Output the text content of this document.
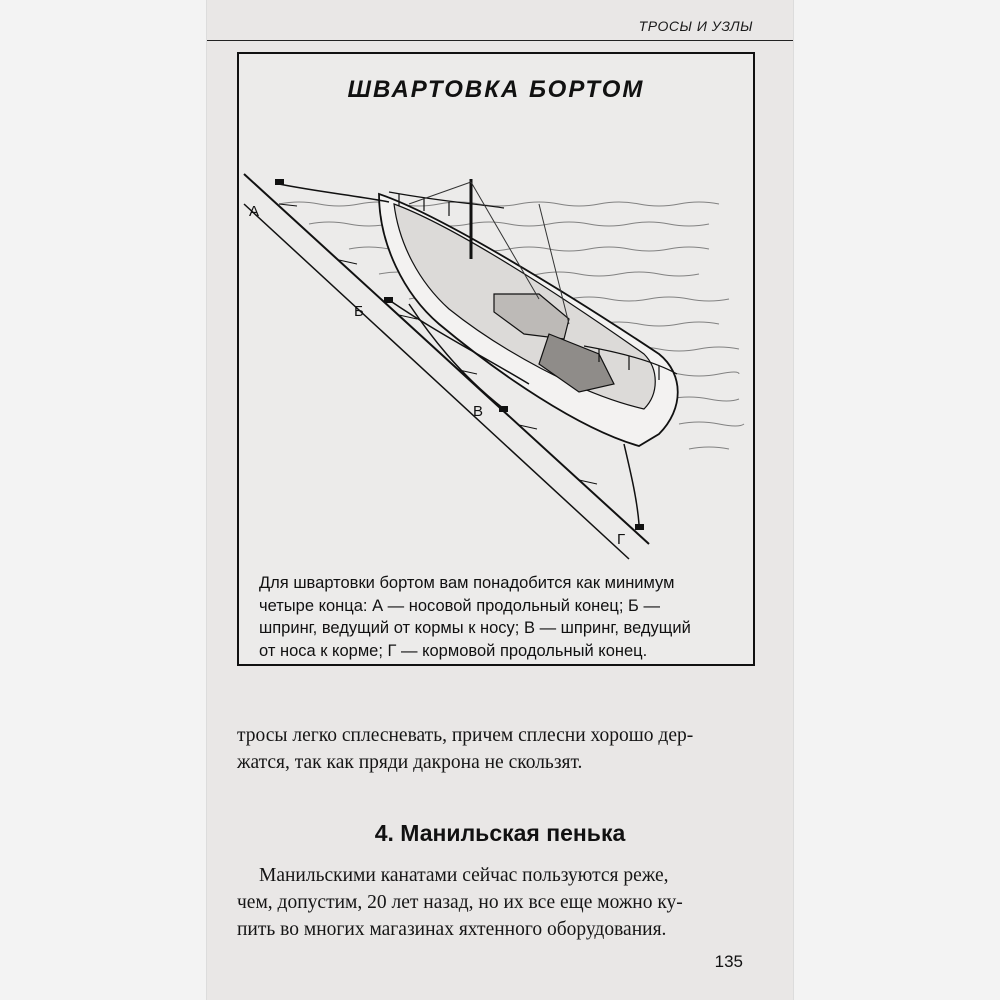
ТРОСЫ И УЗЛЫ
ШВАРТОВКА БОРТОМ
А
Б
В
Г
Для швартовки бортом вам понадобится как минимум
четыре конца: А — носовой продольный конец; Б —
шпринг, ведущий от кормы к носу; В — шпринг, ведущий
от носа к корме; Г — кормовой продольный конец.
тросы легко сплесневать, причем сплесни хорошо дер-
жатся, так как пряди дакрона не скользят.
4. Манильская пенька
Манильскими канатами сейчас пользуются реже,
чем, допустим, 20 лет назад, но их все еще можно ку-
пить во многих магазинах яхтенного оборудования.
135
